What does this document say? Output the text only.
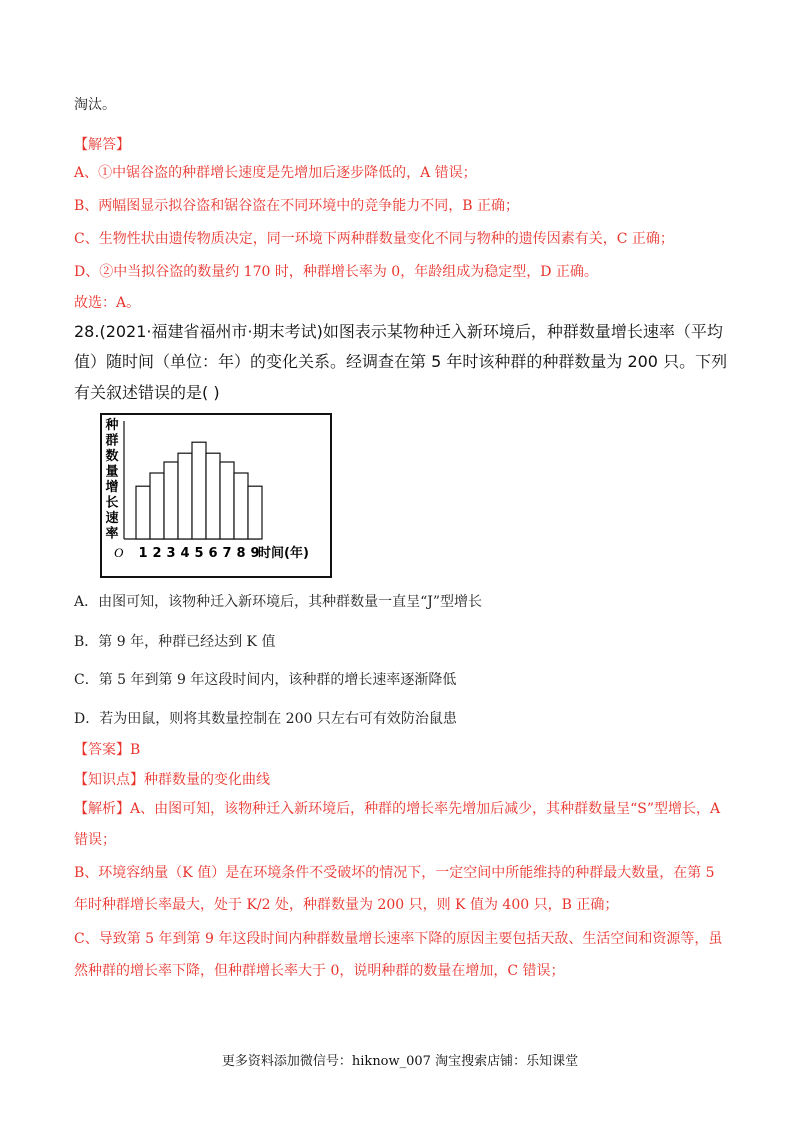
淘汰。
【解答】
A、①中锯谷盗的种群增长速度是先增加后逐步降低的，A 错误；
B、两幅图显示拟谷盗和锯谷盗在不同环境中的竞争能力不同，B 正确；
C、生物性状由遗传物质决定，同一环境下两种群数量变化不同与物种的遗传因素有关，C 正确；
D、②中当拟谷盗的数量约 170 时，种群增长率为 0，年龄组成为稳定型，D 正确。
故选：A。
28.(2021·福建省福州市·期末考试)如图表示某物种迁入新环境后，种群数量增长速率（平均
值）随时间（单位：年）的变化关系。经调查在第 5 年时该种群的种群数量为 200 只。下列
有关叙述错误的是( )
种
群
数
量
增
长
速
率
O 1 2 3 4 5 6 7 8 9
时间(年)
A．由图可知，该物种迁入新环境后，其种群数量一直呈“J”型增长
B．第 9 年，种群已经达到 K 值
C．第 5 年到第 9 年这段时间内，该种群的增长速率逐渐降低
D．若为田鼠，则将其数量控制在 200 只左右可有效防治鼠患
【答案】B
【知识点】种群数量的变化曲线
【解析】A、由图可知，该物种迁入新环境后，种群的增长率先增加后减少，其种群数量呈“S”型增长，A
错误；
B、环境容纳量（K 值）是在环境条件不受破坏的情况下，一定空间中所能维持的种群最大数量，在第 5
年时种群增长率最大，处于 K/2 处，种群数量为 200 只，则 K 值为 400 只，B 正确；
C、导致第 5 年到第 9 年这段时间内种群数量增长速率下降的原因主要包括天敌、生活空间和资源等，虽
然种群的增长率下降，但种群增长率大于 0，说明种群的数量在增加，C 错误；
更多资料添加微信号：hiknow_007 淘宝搜索店铺：乐知课堂
